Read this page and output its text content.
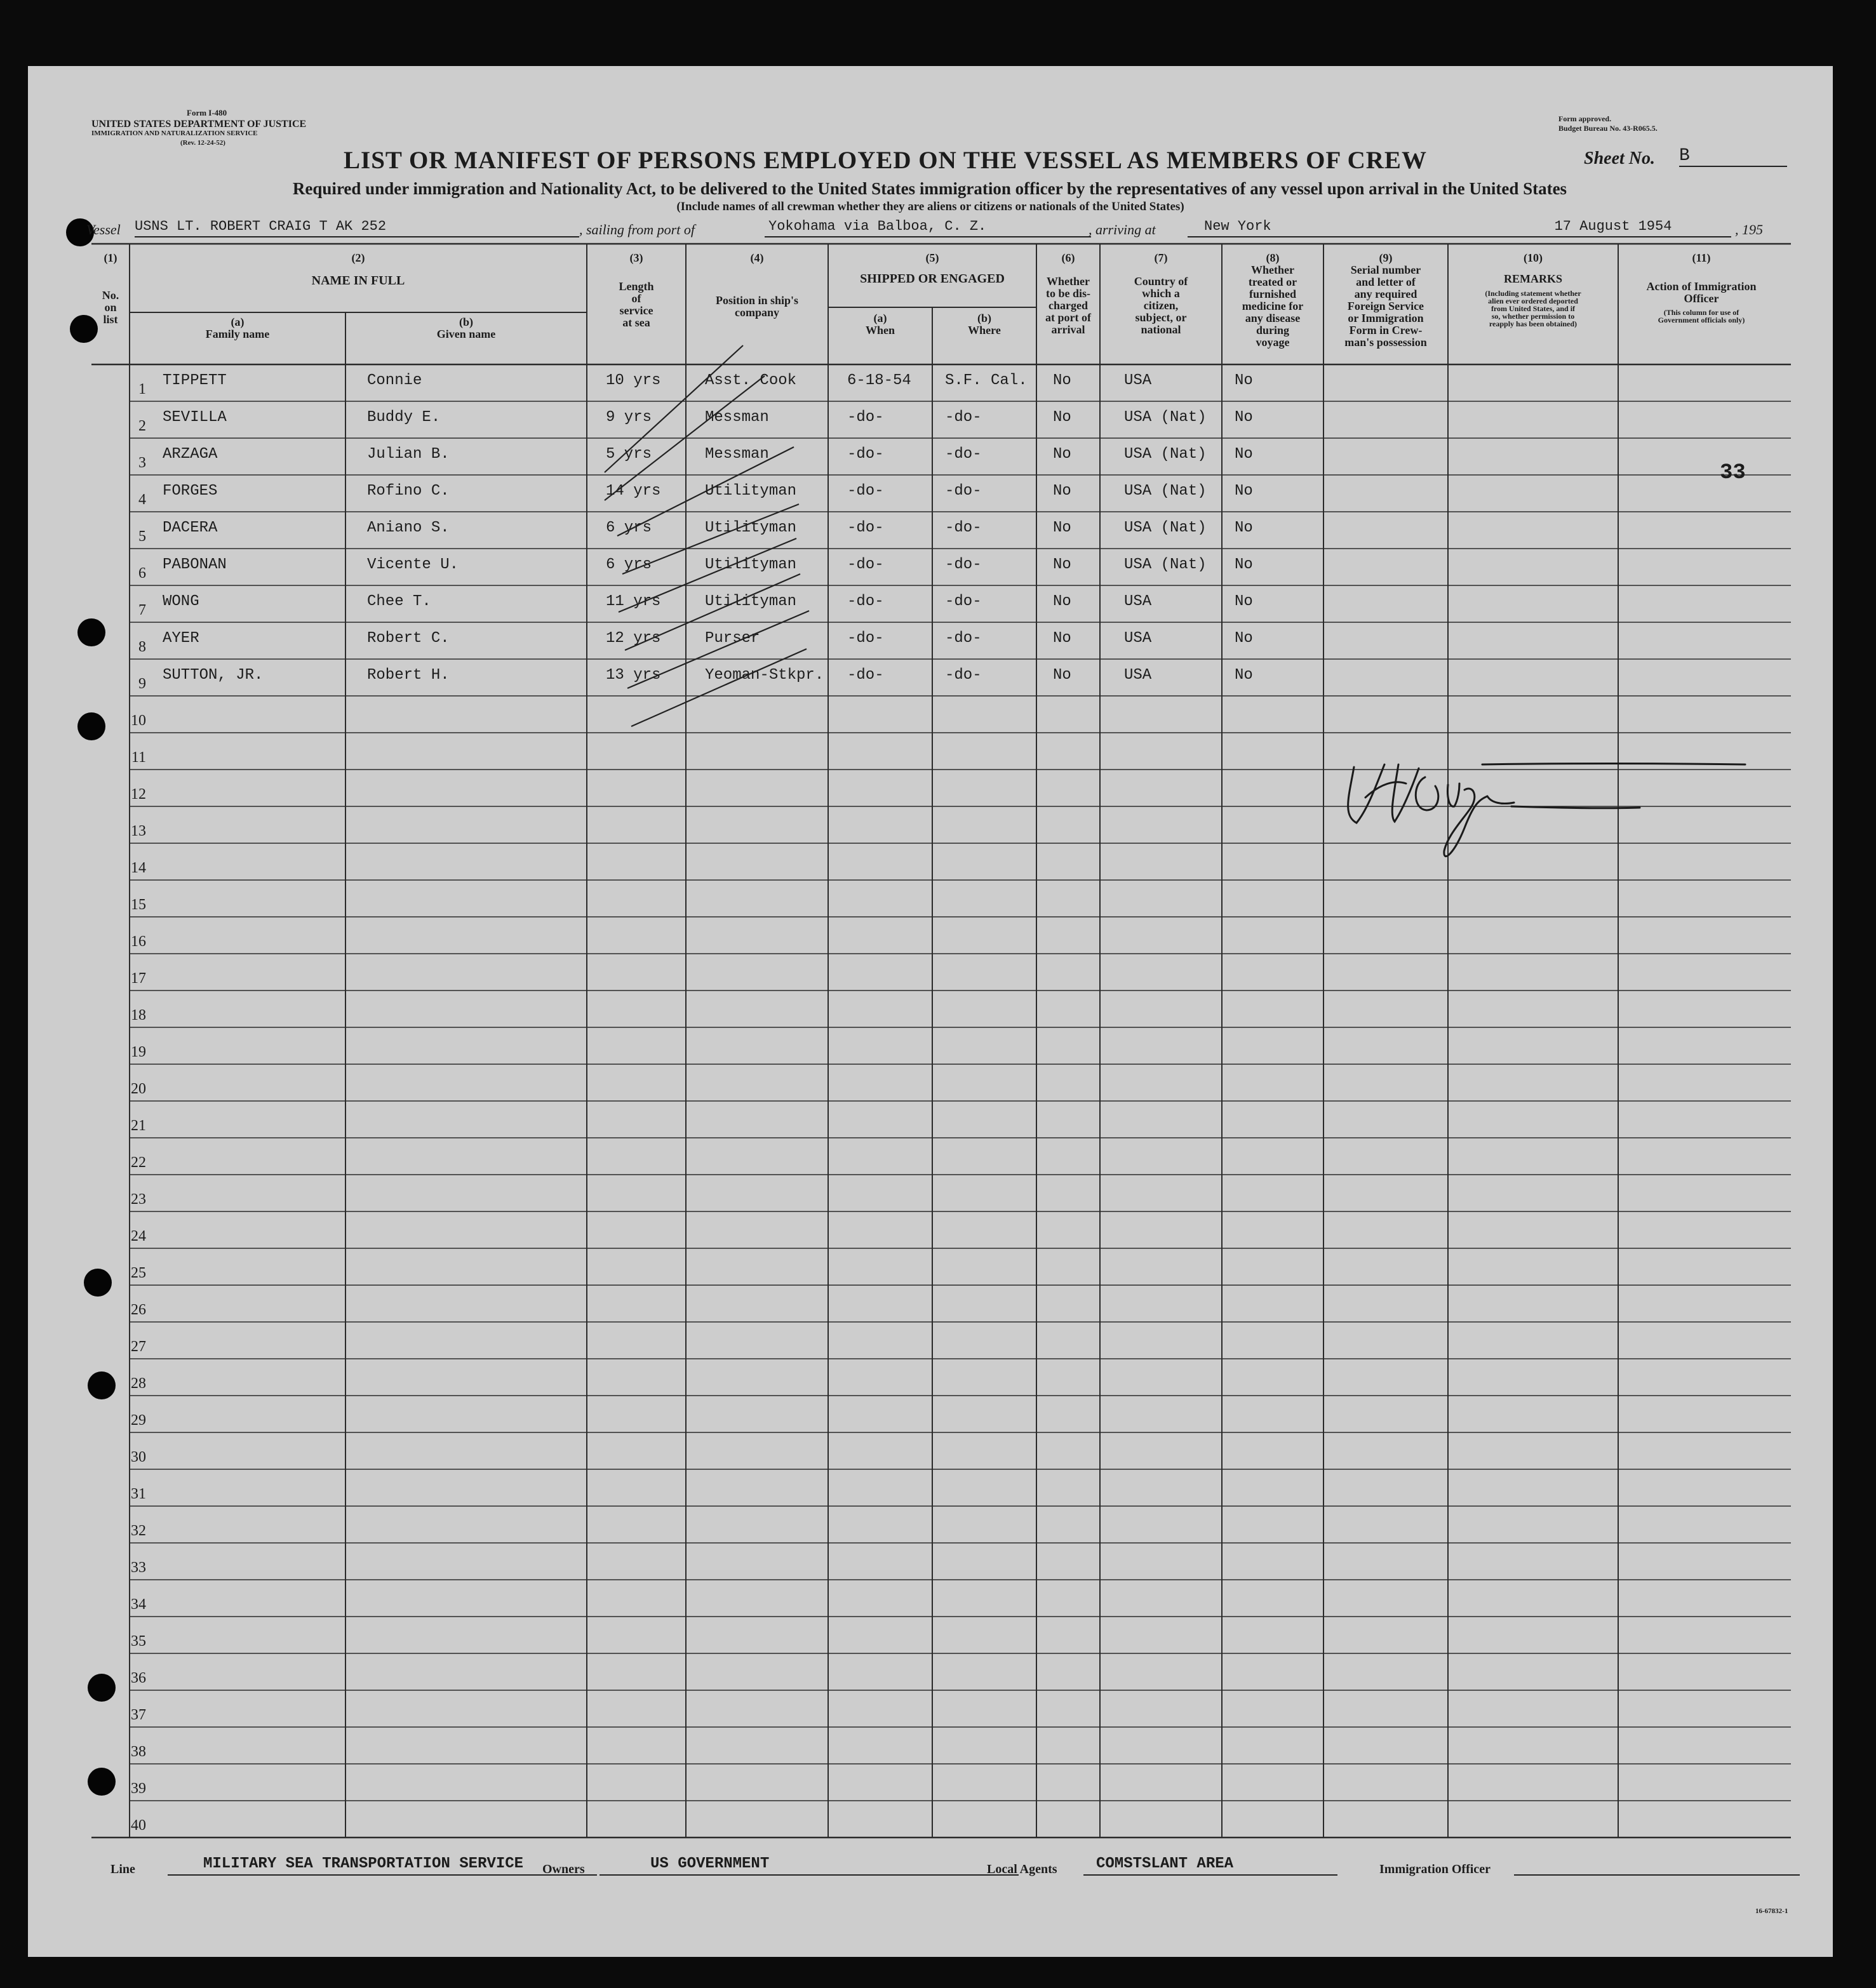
Form I-480
UNITED STATES DEPARTMENT OF JUSTICE
IMMIGRATION AND NATURALIZATION SERVICE
(Rev. 12-24-52)
Form approved.
Budget Bureau No. 43-R065.5.
LIST OR MANIFEST OF PERSONS EMPLOYED ON THE VESSEL AS MEMBERS OF CREW	Sheet No. B
Required under immigration and Nationality Act, to be delivered to the United States immigration officer by the representatives of any vessel upon arrival in the United States
(Include names of all crewman whether they are aliens or citizens or nationals of the United States)
Vessel USNS LT. ROBERT CRAIG T AK 252	, sailing from port of	Yokohama via Balboa, C. Z.	, arriving at	New York	17 August 1954	, 195
(1)
No.
on
list
(2)
NAME IN FULL
(a)
Family name
(b)
Given name
(3)
Length
of
service
at sea
(4)
Position in ship's
company
(5)
SHIPPED OR ENGAGED
(a)
When
(b)
Where
(6)
Whether
to be dis-
charged
at port of
arrival
(7)
Country of
which a
citizen,
subject, or
national
(8)
Whether
treated or
furnished
medicine for
any disease
during
voyage
(9)
Serial number
and letter of
any required
Foreign Service
or Immigration
Form in Crew-
man's possession
(10)
REMARKS
(Including statement whether
alien ever ordered deported
from United States, and if
so, whether permission to
reapply has been obtained)
(11)
Action of Immigration
Officer
(This column for use of
Government officials only)
1 TIPPETT	Connie	10 yrs	Asst. Cook	6-18-54 S.F. Cal. No	USA	No
2 SEVILLA	Buddy E.	9 yrs	Messman	-do-	-do-	No	USA (Nat) No
3 ARZAGA	Julian B.	5 yrs	Messman	-do-	-do-	No	USA (Nat) No
4 FORGES	Rofino C.	14 yrs	Utilityman	-do-	-do-	No	USA (Nat) No
5 DACERA	Aniano S.	6 yrs	Utilityman	-do-	-do-	No	USA (Nat) No
6 PABONAN	Vicente U.	6 yrs	Utilityman	-do-	-do-	No	USA (Nat) No
7 WONG	Chee T.	11 yrs	Utilityman	-do-	-do-	No	USA	No
8 AYER	Robert C.	12 yrs	Purser	-do-	-do-	No	USA	No
9 SUTTON, JR.	Robert H.	13 yrs	Yeoman-Stkpr. -do-	-do-	No	USA	No
10
11
12
13
14
15
16
17
18
19
20
21
22
23
24
25
26
27
28
29
30
31
32
33
34
35
36
37
38
39
40
33
Line	MILITARY SEA TRANSPORTATION SERVICE	Owners	US GOVERNMENT	Local Agents	COMSTSLANT AREA	Immigration Officer
16-67832-1
